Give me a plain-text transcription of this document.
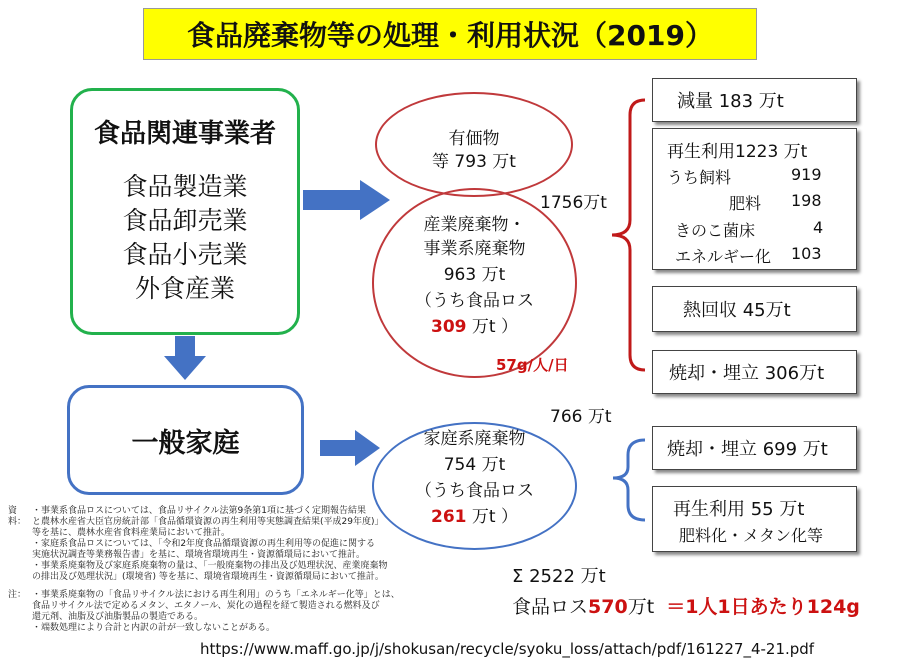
食品廃棄物等の処理・利用状況（2019）
食品関連事業者
食品製造業
食品卸売業
食品小売業
外食産業
一般家庭
有価物
等 793 万t
産業廃棄物・
事業系廃棄物
963 万t
（うち食品ロス
309 万t ）
1756万t
57g/人/日
家庭系廃棄物
754 万t
（うち食品ロス
261 万t ）
766 万t
減量 183 万t
再生利用1223 万t
うち飼料	919
肥料 198
きのこ菌床	4
エネルギー化 103
熱回収 45万t
焼却・埋立 306万t
焼却・埋立 699 万t
再生利用 55 万t
肥料化・メタン化等
資料：
・事業系食品ロスについては、食品リサイクル法第9条第1項に基づく定期報告結果
と農林水産省大臣官房統計部「食品循環資源の再生利用等実態調査結果(平成29年度)」
等を基に、農林水産省食料産業局において推計。
・家庭系食品ロスについては、「令和2年度食品循環資源の再生利用等の促進に関する
実施状況調査等業務報告書」を基に、環境省環境再生・資源循環局において推計。
・事業系廃棄物及び家庭系廃棄物の量は、「一般廃棄物の排出及び処理状況、産業廃棄物
の排出及び処理状況」(環境省) 等を基に、環境省環境再生・資源循環局において推計。
注： ・事業系廃棄物の「食品リサイクル法における再生利用」のうち「エネルギー化等」とは、
食品リサイクル法で定めるメタン、エタノール、炭化の過程を経て製造される燃料及び
還元剤、油脂及び油脂製品の製造である。
・端数処理により合計と内訳の計が一致しないことがある。
Σ 2522 万t
食品ロス570万t ＝1人1日あたり124g
https://www.maff.go.jp/j/shokusan/recycle/syoku_loss/attach/pdf/161227_4-21.pdf
